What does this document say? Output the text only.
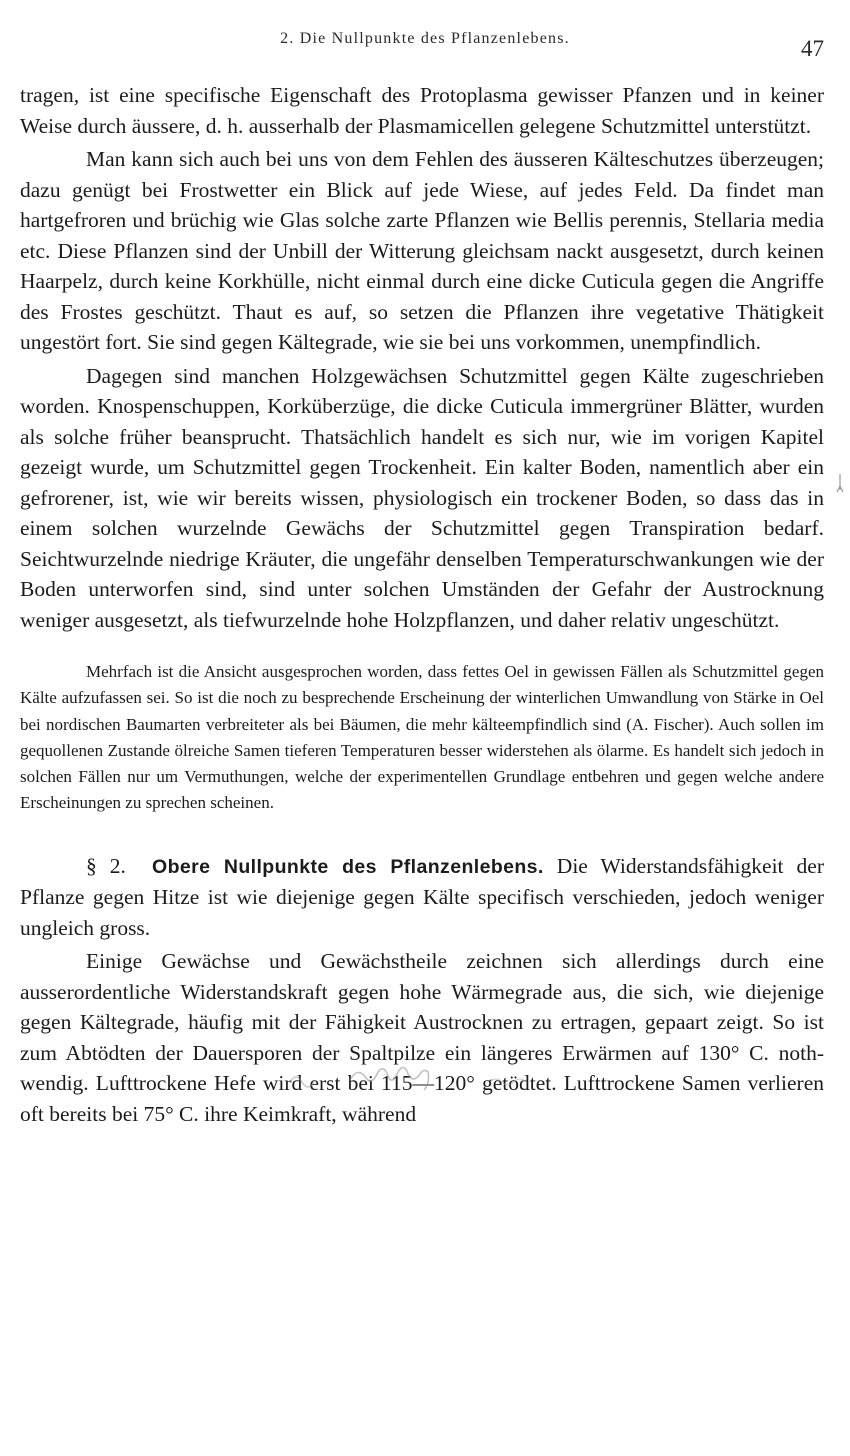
2. Die Nullpunkte des Pflanzenlebens.	47

tragen, ist eine specifische Eigenschaft des Protoplasma gewisser Pfanzen und in keiner Weise durch äussere, d. h. ausserhalb der Plasmamicellen gelegene Schutzmittel unterstützt.

Man kann sich auch bei uns von dem Fehlen des äusseren Kälteschutzes überzeugen; dazu genügt bei Frostwetter ein Blick auf jede Wiese, auf jedes Feld. Da findet man hartgefroren und brüchig wie Glas solche zarte Pflanzen wie Bellis perennis, Stellaria media etc. Diese Pflanzen sind der Unbill der Witterung gleichsam nackt ausgesetzt, durch keinen Haarpelz, durch keine Korkhülle, nicht einmal durch eine dicke Cuticula gegen die Angriffe des Frostes geschützt. Thaut es auf, so setzen die Pflanzen ihre vegetative Thätigkeit ungestört fort. Sie sind gegen Kältegrade, wie sie bei uns vorkommen, unempfindlich.

Dagegen sind manchen Holzgewächsen Schutzmittel gegen Kälte zugeschrieben worden. Knospenschuppen, Korküberzüge, die dicke Cuticula immergrüner Blätter, wurden als solche früher beansprucht. Thatsächlich handelt es sich nur, wie im vorigen Kapitel gezeigt wurde, um Schutzmittel gegen Trockenheit. Ein kalter Boden, namentlich aber ein gefrorener, ist, wie wir bereits wissen, physiologisch ein trockener Boden, so dass das in einem solchen wurzelnde Gewächs der Schutzmittel gegen Transpiration bedarf. Seichtwurzelnde niedrige Kräuter, die ungefähr denselben Temperaturschwankungen wie der Boden unterworfen sind, sind unter solchen Umständen der Gefahr der Austrocknung weniger ausgesetzt, als tiefwurzelnde hohe Holzpflanzen, und daher relativ ungeschützt.

Mehrfach ist die Ansicht ausgesprochen worden, dass fettes Oel in gewissen Fällen als Schutzmittel gegen Kälte aufzufassen sei. So ist die noch zu besprechende Erscheinung der winterlichen Umwandlung von Stärke in Oel bei nordischen Baumarten verbreiteter als bei Bäumen, die mehr kälteempfindlich sind (A. Fischer). Auch sollen im gequollenen Zustande ölreiche Samen tieferen Temperaturen besser widerstehen als ölarme. Es handelt sich jedoch in solchen Fällen nur um Vermuthungen, welche der experimentellen Grundlage entbehren und gegen welche andere Erscheinungen zu sprechen scheinen.

§ 2. Obere Nullpunkte des Pflanzenlebens. Die Widerstandsfähigkeit der Pflanze gegen Hitze ist wie diejenige gegen Kälte specifisch verschieden, jedoch weniger ungleich gross.

Einige Gewächse und Gewächstheile zeichnen sich allerdings durch eine ausserordentliche Widerstandskraft gegen hohe Wärmegrade aus, die sich, wie diejenige gegen Kältegrade, häufig mit der Fähigkeit Austrocknen zu ertragen, gepaart zeigt. So ist zum Abtödten der Dauersporen der Spaltpilze ein längeres Erwärmen auf 130° C. nothwendig. Lufttrockene Hefe wird erst bei 115—120° getödtet. Lufttrockene Samen verlieren oft bereits bei 75° C. ihre Keimkraft, während
